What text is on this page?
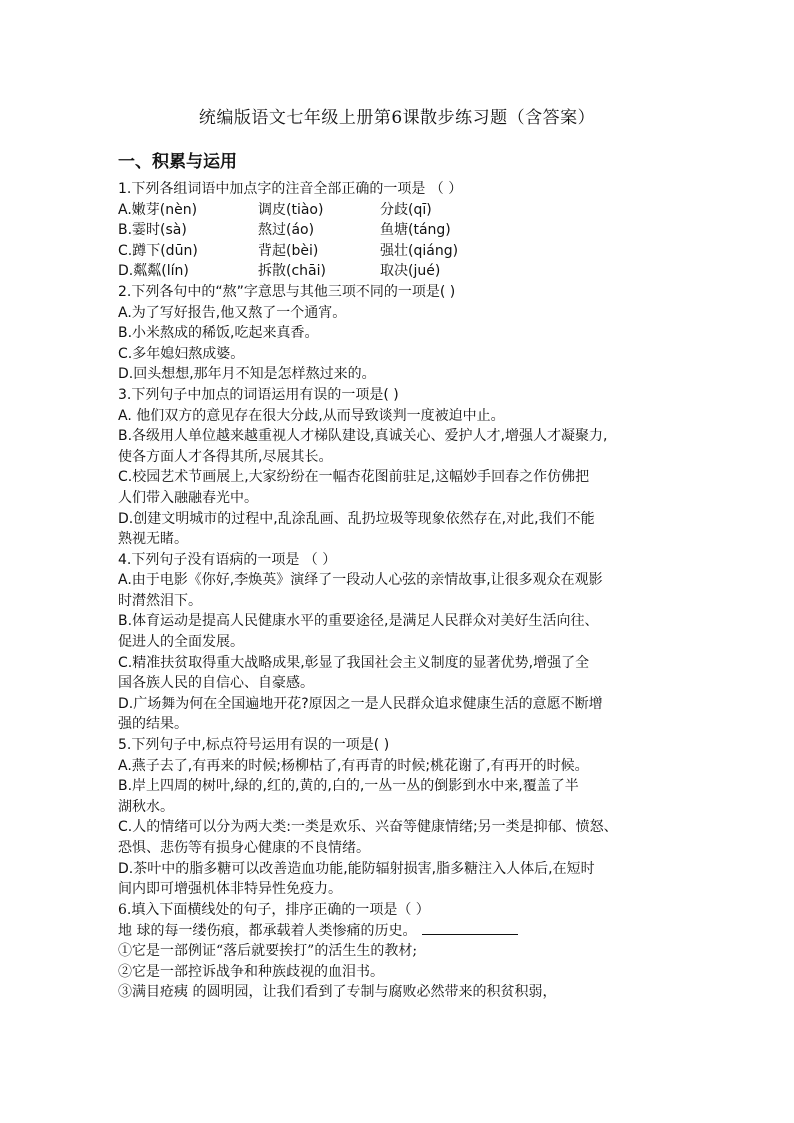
统编版语文七年级上册第6课散步练习题（含答案）
一、积累与运用
1.下列各组词语中加点字的注音全部正确的一项是 （ ）
A.嫩芽(nèn)	调皮(tiào)	分歧(qī)
B.霎时(sà)	熬过(áo)	鱼塘(táng)
C.蹲下(dūn)	背起(bèi)	强壮(qiáng)
D.粼粼(lín)	拆散(chāi)	取决(jué)
2.下列各句中的“熬”字意思与其他三项不同的一项是( )
A.为了写好报告,他又熬了一个通宵。
B.小米熬成的稀饭,吃起来真香。
C.多年媳妇熬成婆。
D.回头想想,那年月不知是怎样熬过来的。
3.下列句子中加点的词语运用有误的一项是( )
A. 他们双方的意见存在很大分歧,从而导致谈判一度被迫中止。
B.各级用人单位越来越重视人才梯队建设,真诚关心、爱护人才,增强人才凝聚力,
使各方面人才各得其所,尽展其长。
C.校园艺术节画展上,大家纷纷在一幅杏花图前驻足,这幅妙手回春之作仿佛把
人们带入融融春光中。
D.创建文明城市的过程中,乱涂乱画、乱扔垃圾等现象依然存在,对此,我们不能
熟视无睹。
4.下列句子没有语病的一项是 （ ）
A.由于电影《你好,李焕英》演绎了一段动人心弦的亲情故事,让很多观众在观影
时潸然泪下。
B.体育运动是提高人民健康水平的重要途径,是满足人民群众对美好生活向往、
促进人的全面发展。
C.精准扶贫取得重大战略成果,彰显了我国社会主义制度的显著优势,增强了全
国各族人民的自信心、自豪感。
D.广场舞为何在全国遍地开花?原因之一是人民群众追求健康生活的意愿不断增
强的结果。
5.下列句子中,标点符号运用有误的一项是( )
A.燕子去了,有再来的时候;杨柳枯了,有再青的时候;桃花谢了,有再开的时候。
B.岸上四周的树叶,绿的,红的,黄的,白的,一丛一丛的倒影到水中来,覆盖了半
湖秋水。
C.人的情绪可以分为两大类:一类是欢乐、兴奋等健康情绪;另一类是抑郁、愤怒、
恐惧、悲伤等有损身心健康的不良情绪。
D.茶叶中的脂多糖可以改善造血功能,能防辐射损害,脂多糖注入人体后,在短时
间内即可增强机体非特异性免疫力。
6.填入下面横线处的句子，排序正确的一项是（ ）
地 球的每一缕伤痕，都承载着人类惨痛的历史。
①它是一部例证“落后就要挨打”的活生生的教材;
②它是一部控诉战争和种族歧视的血泪书。
③满目疮痍 的圆明园，让我们看到了专制与腐败必然带来的积贫积弱，
